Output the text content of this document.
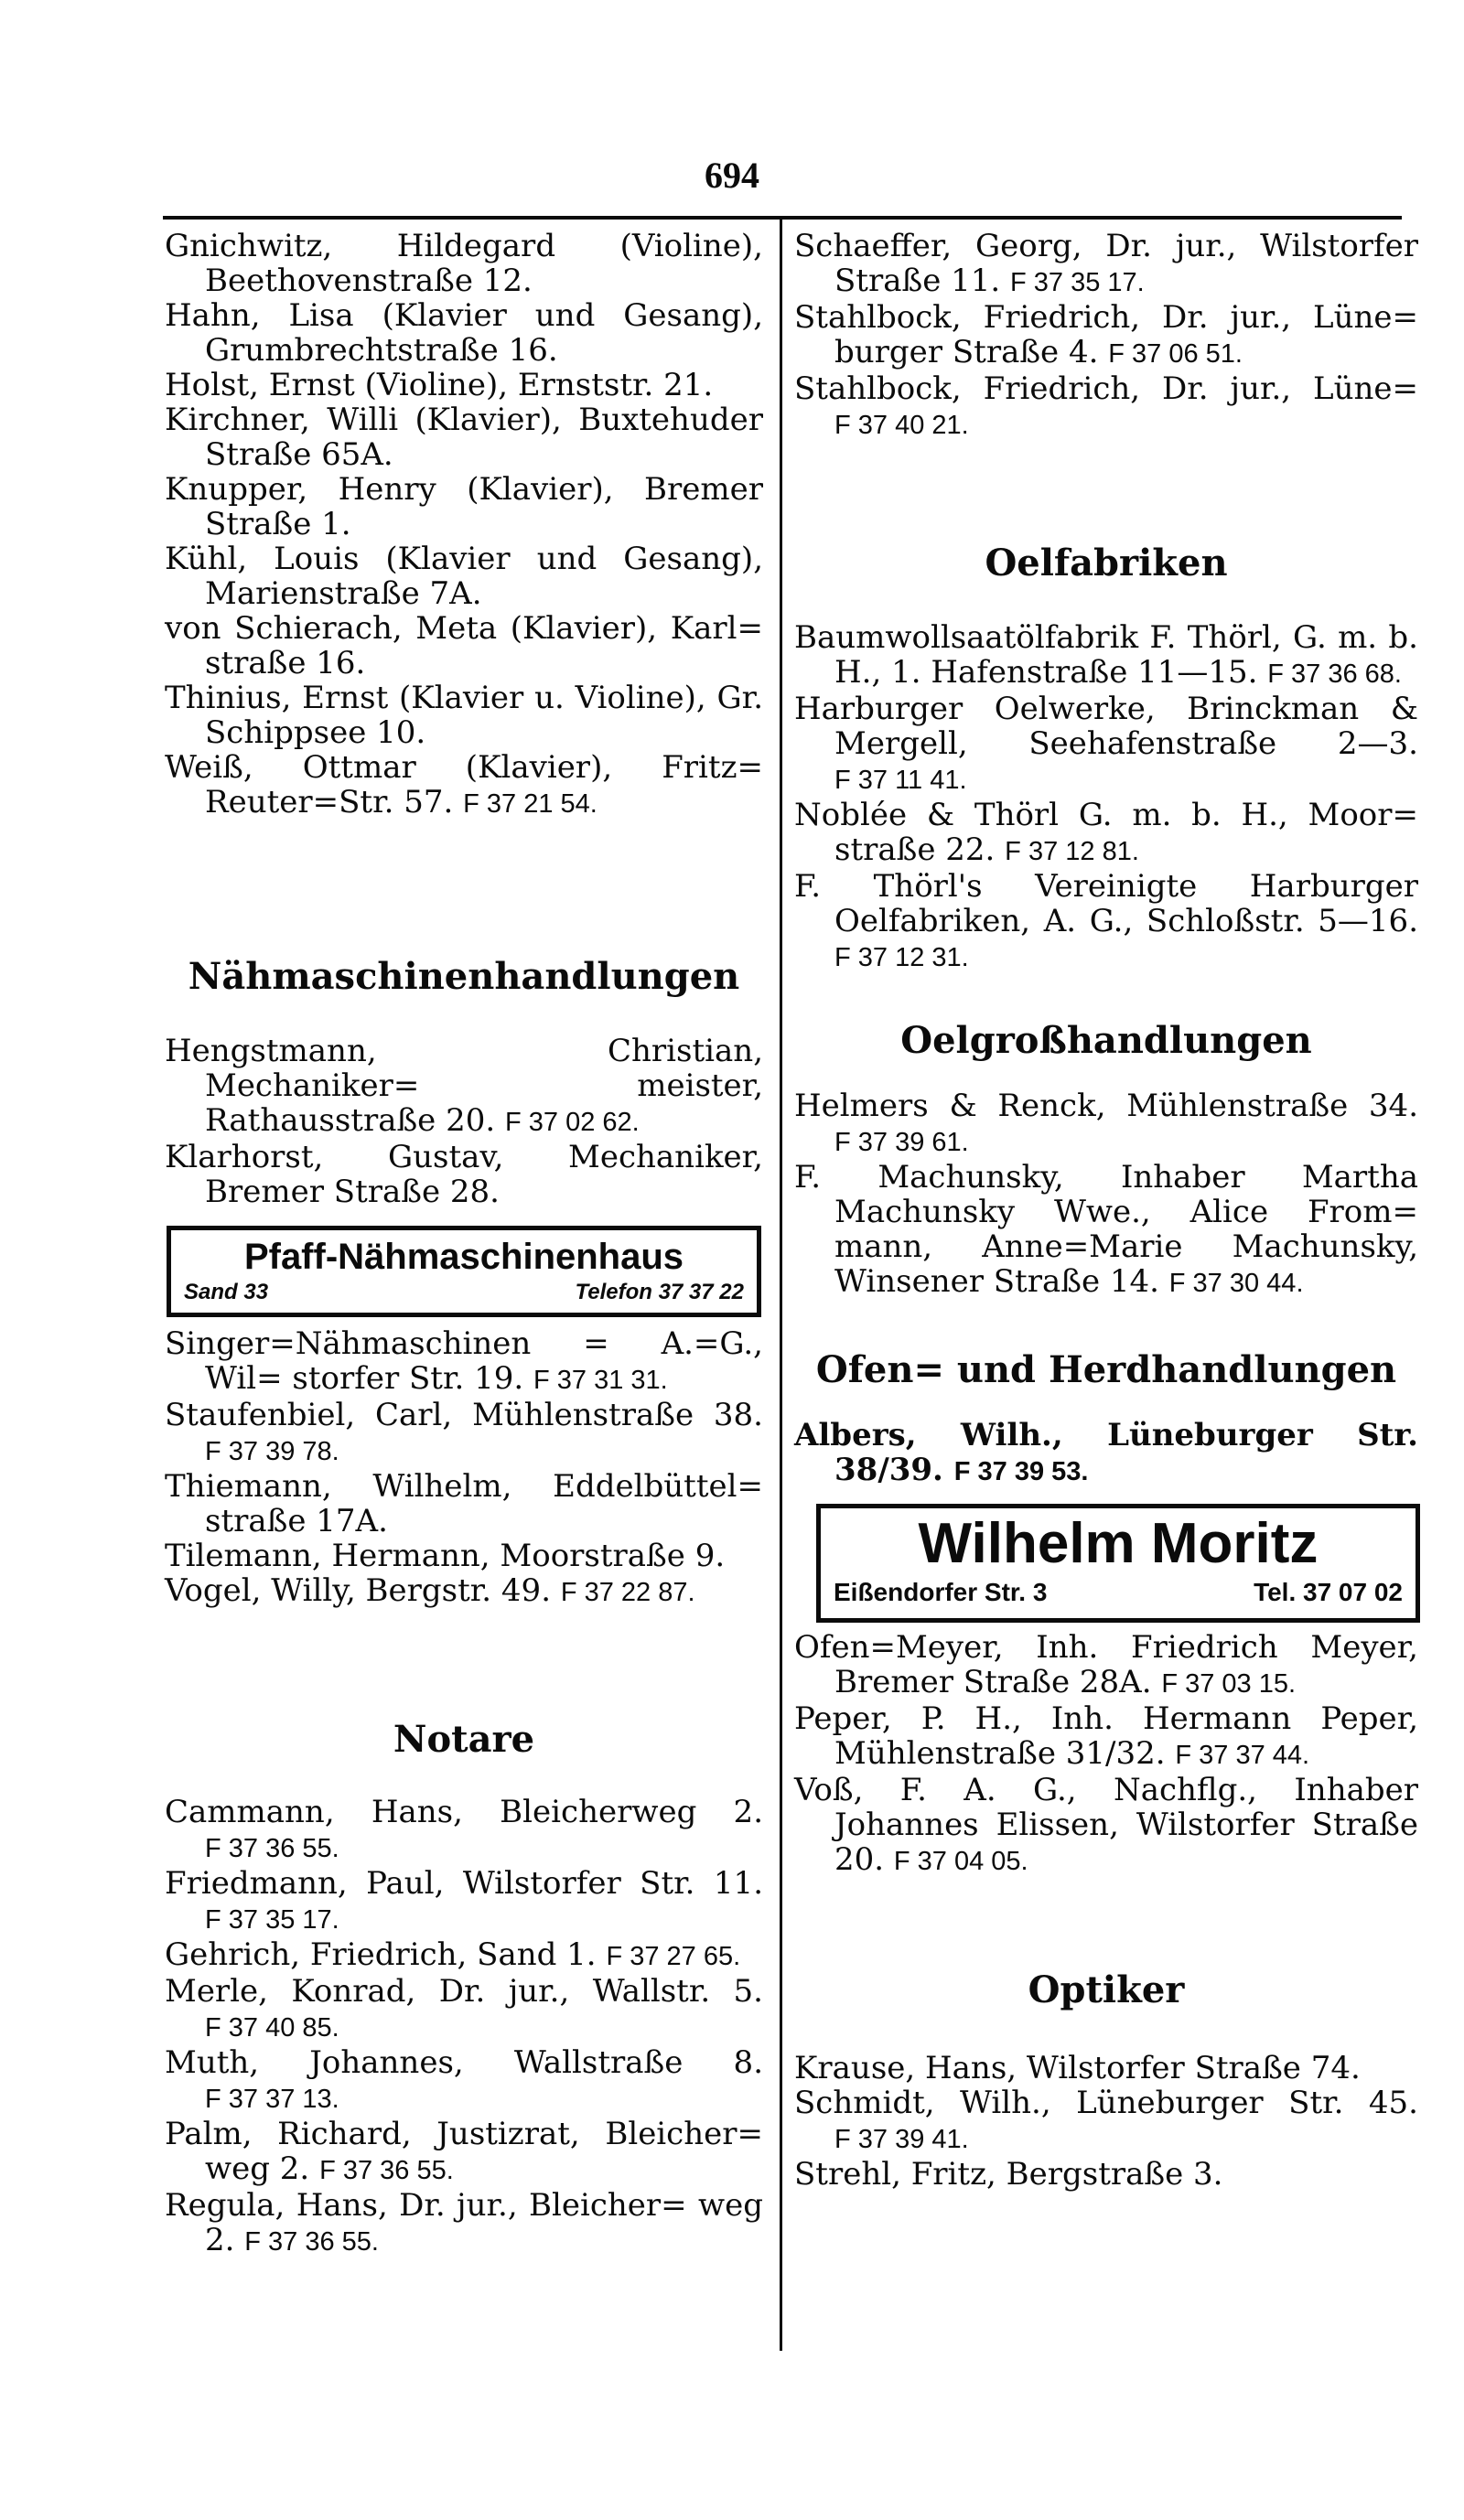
694

Gnichwitz, Hildegard (Violine), Beethovenstraße 12.

Hahn, Lisa (Klavier und Gesang), Grumbrechtstraße 16.

Holst, Ernst (Violine), Ernststr. 21.

Kirchner, Willi (Klavier), Buxtehuder Straße 65A.

Knupper, Henry (Klavier), Bremer Straße 1.

Kühl, Louis (Klavier und Gesang), Marienstraße 7A.

von Schierach, Meta (Klavier), Karl= straße 16.

Thinius, Ernst (Klavier u. Violine), Gr. Schippsee 10.

Weiß, Ottmar (Klavier), Fritz= Reuter=Str. 57. F 37 21 54.

Nähmaschinenhandlungen

Hengstmann, Christian, Mechaniker=	meister, Rathausstraße 20. F 37 02 62.

Klarhorst, Gustav, Mechaniker, Bremer Straße 28.

Pfaff-Nähmaschinenhaus
Sand 33	Telefon 37 37 22

Singer=Nähmaschinen = A.=G., Wil= storfer Str. 19. F 37 31 31.

Staufenbiel, Carl, Mühlenstraße 38. F 37 39 78.

Thiemann, Wilhelm, Eddelbüttel= straße 17A.

Tilemann, Hermann, Moorstraße 9.

Vogel, Willy, Bergstr. 49. F 37 22 87.

Notare

Cammann, Hans, Bleicherweg 2. F 37 36 55.

Friedmann, Paul, Wilstorfer Str. 11. F 37 35 17.

Gehrich, Friedrich, Sand 1. F 37 27 65.

Merle, Konrad, Dr. jur., Wallstr. 5. F 37 40 85.

Muth, Johannes, Wallstraße 8. F 37 37 13.

Palm, Richard, Justizrat, Bleicher= weg 2. F 37 36 55.

Regula, Hans, Dr. jur., Bleicher= weg 2. F 37 36 55.

Schaeffer, Georg, Dr. jur., Wilstorfer Straße 11. F 37 35 17.

Stahlbock, Friedrich, Dr. jur., Lüne= burger Straße 4. F 37 06 51.

Stahlbock, Friedrich, Dr. jur., Lüne= F 37 40 21.

Oelfabriken

Baumwollsaatölfabrik F. Thörl, G. m. b. H., 1. Hafenstraße 11—15. F 37 36 68.

Harburger Oelwerke, Brinckman & Mergell, Seehafenstraße 2—3. F 37 11 41.

Noblée & Thörl G. m. b. H., Moor= straße 22. F 37 12 81.

F. Thörl's Vereinigte Harburger Oelfabriken, A. G., Schloßstr. 5—16. F 37 12 31.

Oelgroßhandlungen

Helmers & Renck, Mühlenstraße 34. F 37 39 61.

F. Machunsky, Inhaber Martha Machunsky Wwe., Alice From= mann, Anne=Marie Machunsky, Winsener Straße 14. F 37 30 44.

Ofen= und Herdhandlungen

Albers, Wilh., Lüneburger Str. 38/39. F 37 39 53.

Wilhelm Moritz
Eißendorfer Str. 3	Tel. 37 07 02

Ofen=Meyer, Inh. Friedrich Meyer, Bremer Straße 28A. F 37 03 15.

Peper, P. H., Inh. Hermann Peper, Mühlenstraße 31/32. F 37 37 44.

Voß, F. A. G., Nachflg., Inhaber Johannes Elissen, Wilstorfer Straße 20. F 37 04 05.

Optiker

Krause, Hans, Wilstorfer Straße 74.

Schmidt, Wilh., Lüneburger Str. 45. F 37 39 41.

Strehl, Fritz, Bergstraße 3.
